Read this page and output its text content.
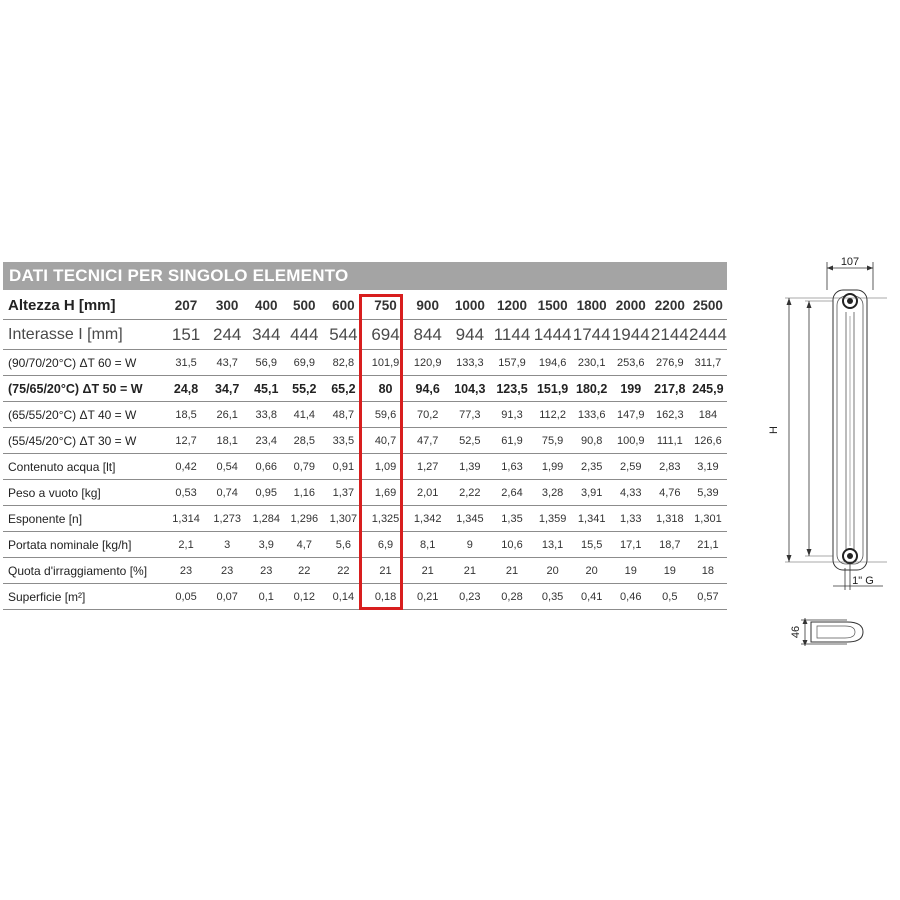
DATI TECNICI PER SINGOLO ELEMENTO
Altezza H [mm]	207	300	400	500	600	750	900	1000	1200	1500	1800	2000	2200	2500
Interasse I [mm]	151	244	344	444	544	694	844	944	1144	1444	1744	1944	2144	2444
(90/70/20°C) ΔT 60 = W	31,5	43,7	56,9	69,9	82,8	101,9	120,9	133,3	157,9	194,6	230,1	253,6	276,9	311,7
(75/65/20°C) ΔT 50 = W	24,8	34,7	45,1	55,2	65,2	80	94,6	104,3	123,5	151,9	180,2	199	217,8	245,9
(65/55/20°C) ΔT 40 = W	18,5	26,1	33,8	41,4	48,7	59,6	70,2	77,3	91,3	112,2	133,6	147,9	162,3	184
(55/45/20°C) ΔT 30 = W	12,7	18,1	23,4	28,5	33,5	40,7	47,7	52,5	61,9	75,9	90,8	100,9	111,1	126,6
Contenuto acqua [lt]	0,42	0,54	0,66	0,79	0,91	1,09	1,27	1,39	1,63	1,99	2,35	2,59	2,83	3,19
Peso a vuoto [kg]	0,53	0,74	0,95	1,16	1,37	1,69	2,01	2,22	2,64	3,28	3,91	4,33	4,76	5,39
Esponente [n]	1,314	1,273	1,284	1,296	1,307	1,325	1,342	1,345	1,35	1,359	1,341	1,33	1,318	1,301
Portata nominale [kg/h]	2,1	3	3,9	4,7	5,6	6,9	8,1	9	10,6	13,1	15,5	17,1	18,7	21,1
Quota d'irraggiamento [%]	23	23	23	22	22	21	21	21	21	20	20	19	19	18
Superficie [m²]	0,05	0,07	0,1	0,12	0,14	0,18	0,21	0,23	0,28	0,35	0,41	0,46	0,5	0,57
107
H
1" G
46
